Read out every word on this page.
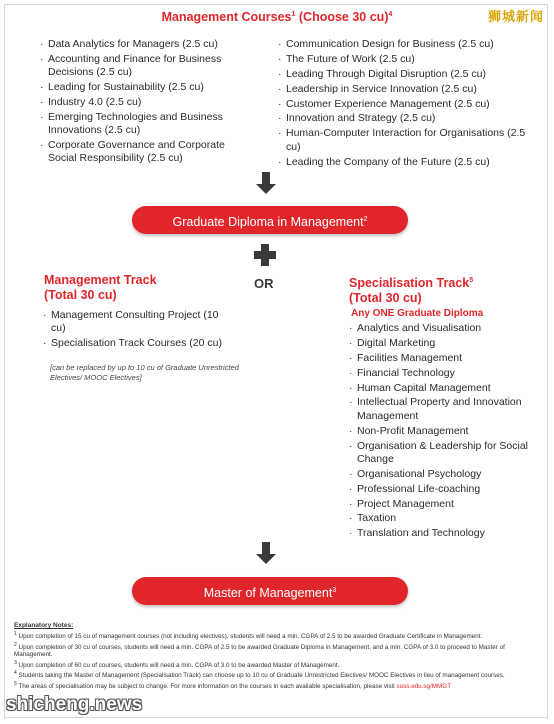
狮城新闻
Management Courses$^1$ (Choose 30 cu)$^4$
· Data Analytics for Managers (2.5 cu)
· Accounting and Finance for Business Decisions (2.5 cu)
· Leading for Sustainability (2.5 cu)
· Industry 4.0 (2.5 cu)
· Emerging Technologies and Business Innovations (2.5 cu)
· Corporate Governance and Corporate Social Responsibility (2.5 cu)
· Communication Design for Business (2.5 cu)
· The Future of Work (2.5 cu)
· Leading Through Digital Disruption (2.5 cu)
· Leadership in Service Innovation (2.5 cu)
· Customer Experience Management (2.5 cu)
· Innovation and Strategy (2.5 cu)
· Human-Computer Interaction for Organisations (2.5 cu)
· Leading the Company of the Future (2.5 cu)
Graduate Diploma in Management$^2$
OR
Management Track
(Total 30 cu)
· Management Consulting Project (10 cu)
· Specialisation Track Courses (20 cu)
[can be replaced by up to 10 cu of Graduate Unrestricted Electives/ MOOC Electives]
Specialisation Track$^5$
(Total 30 cu)
Any ONE Graduate Diploma
· Analytics and Visualisation
· Digital Marketing
· Facilities Management
· Financial Technology
· Human Capital Management
· Intellectual Property and Innovation Management
· Non-Profit Management
· Organisation & Leadership for Social Change
· Organisational Psychology
· Professional Life-coaching
· Project Management
· Taxation
· Translation and Technology
Master of Management$^3$
Explanatory Notes:

$^1$ Upon completion of 15 cu of management courses (not including electives), students will need a min. CGPA of 2.5 to be awarded Graduate Certificate in Management.

$^2$ Upon completion of 30 cu of courses, students will need a min. CGPA of 2.5 to be awarded Graduate Diploma in Management, and a min. CGPA of 3.0 to proceed to Master of Management.

$^3$ Upon completion of 60 cu of courses, students will need a min. CGPA of 3.0 to be awarded Master of Management.

$^4$ Students taking the Master of Management (Specialisation Track) can choose up to 10 cu of Graduate Unrestricted Electives/ MOOC Electives in lieu of management courses.

$^5$ The areas of specialisation may be subject to change. For more information on the courses in each available specialisation, please visit suss.edu.sg/MMGT

shicheng.news
